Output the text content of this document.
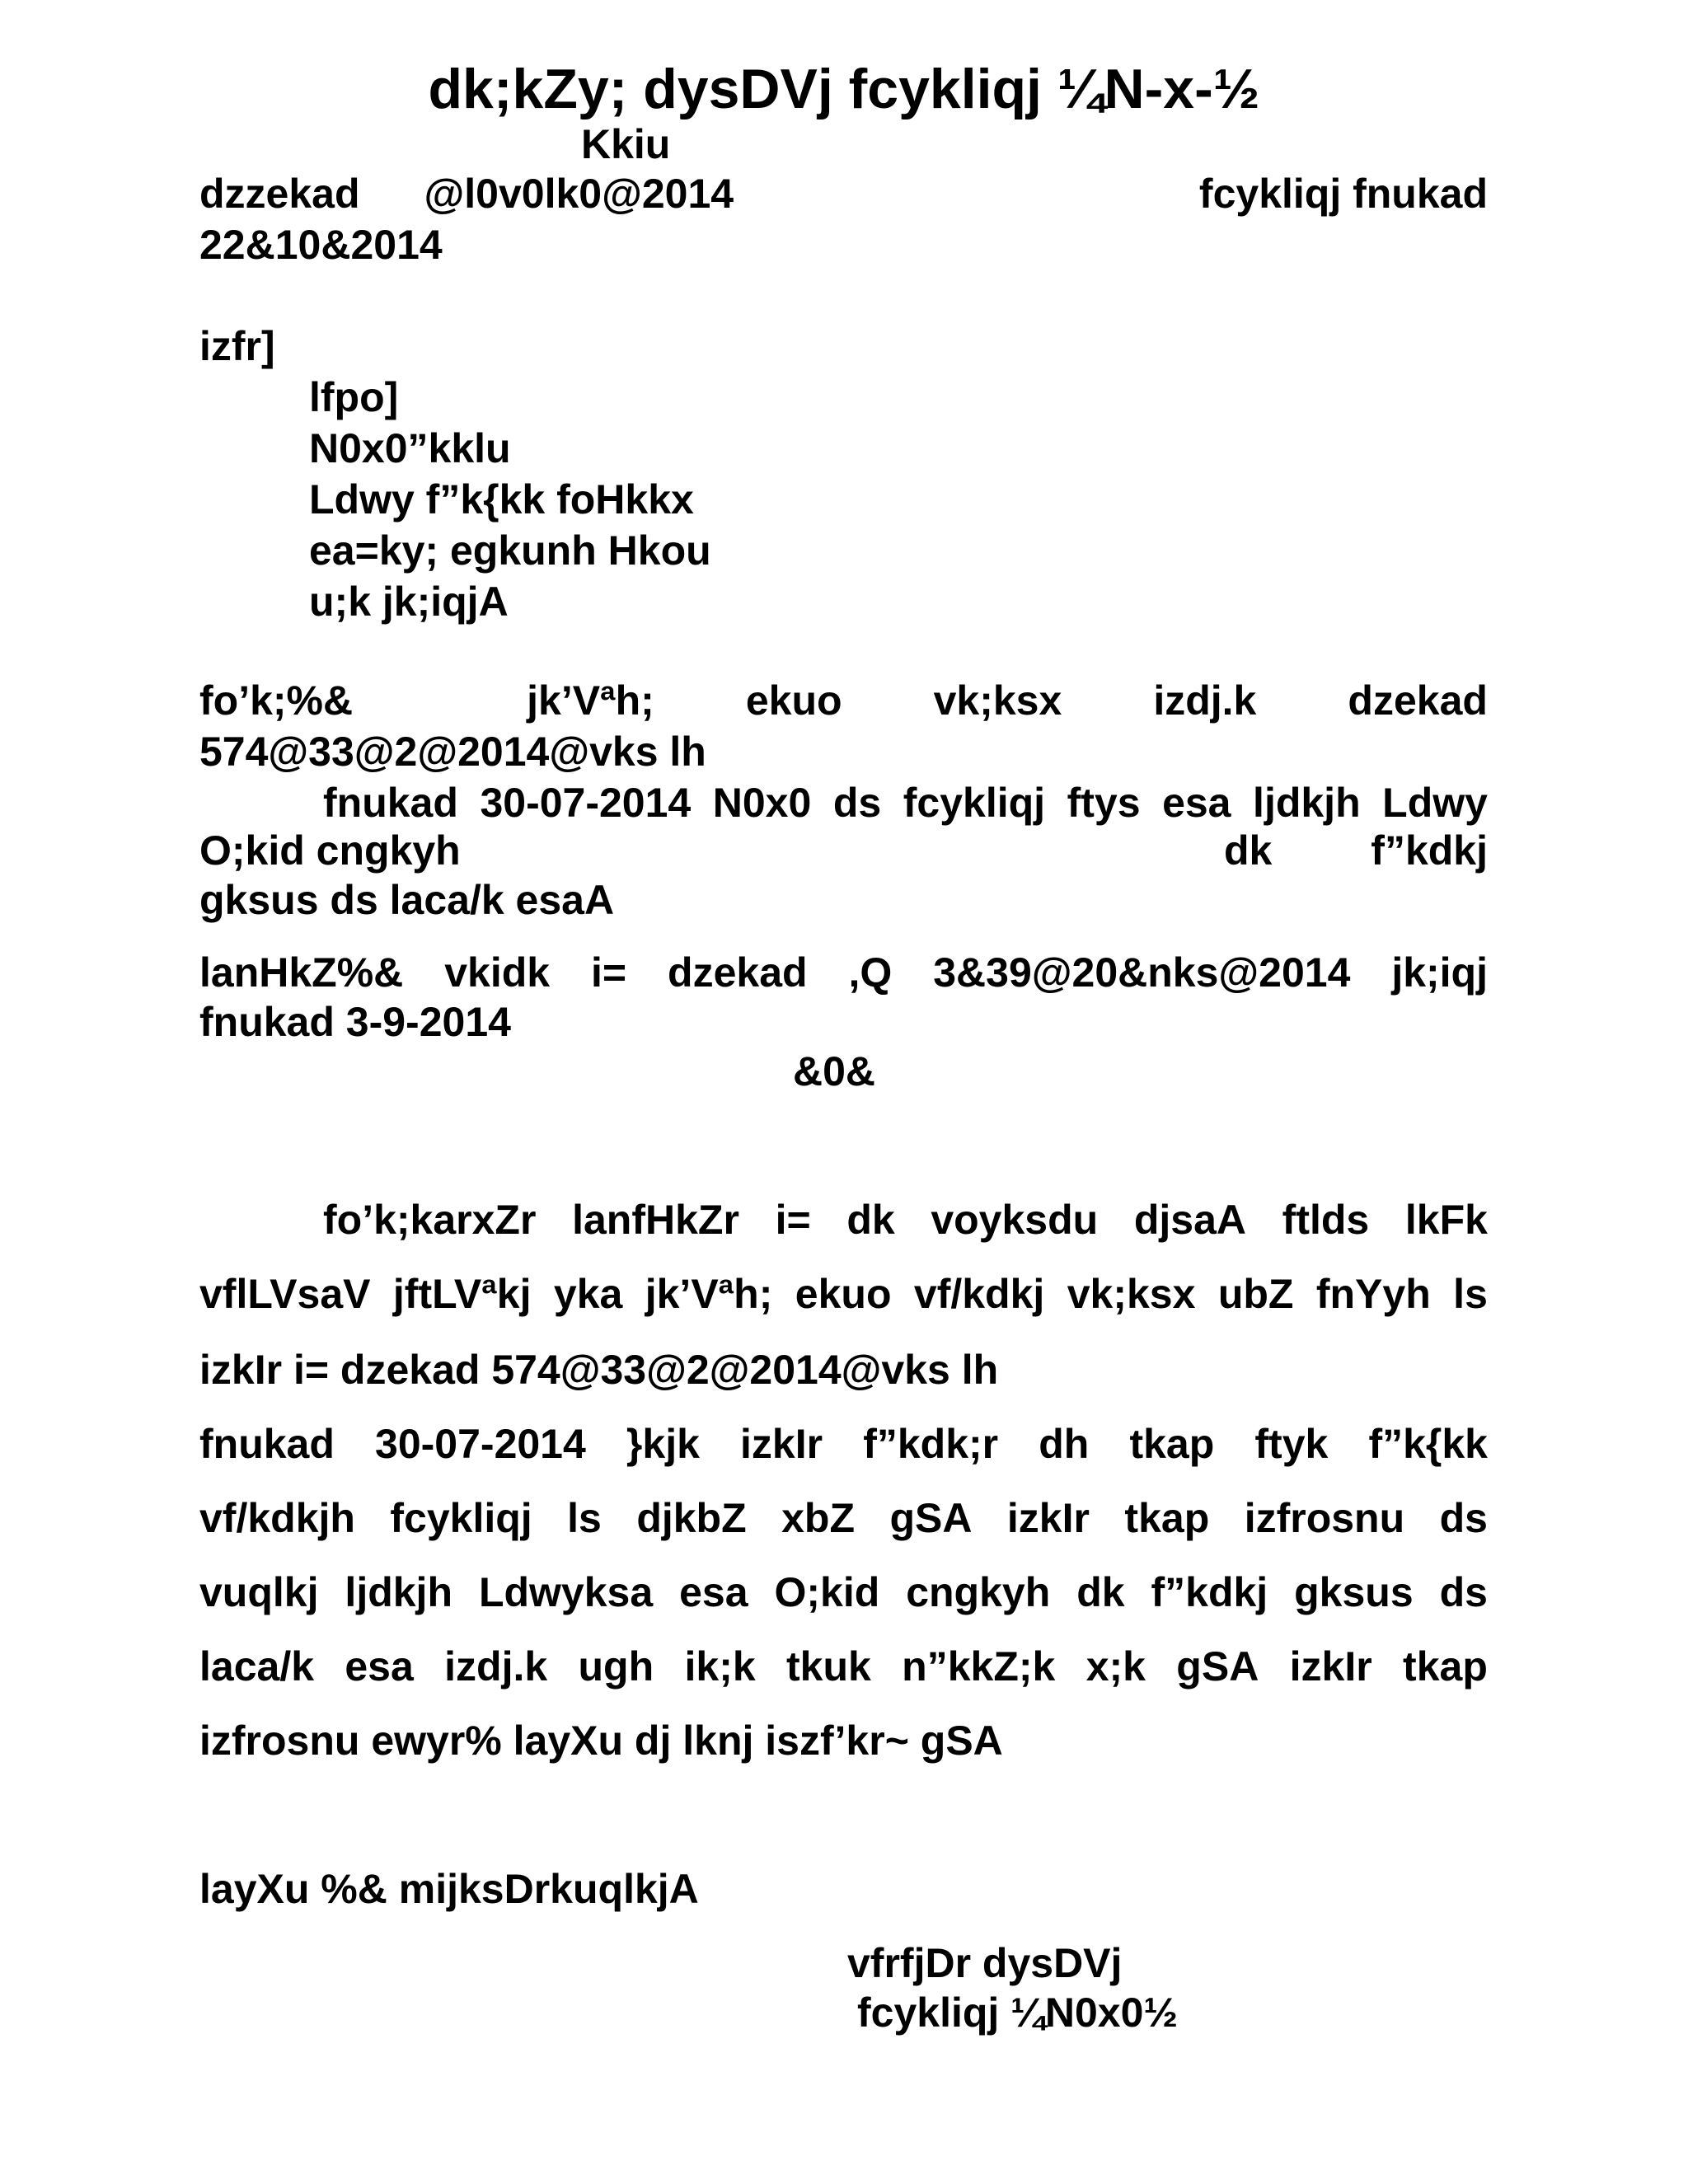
dk;kZy; dysDVj fcykliqj ¼N-x-½
Kkiu
dzzekad @l0v0lk0@2014	fcykliqj fnukad
22&10&2014
izfr]
lfpo]
N0x0”kklu
Ldwy f”k{kk foHkkx
ea=ky; egkunh Hkou
u;k jk;iqjA
fo’k;%&	jk’Vªh; ekuo vk;ksx izdj.k dzekad
574@33@2@2014@vks lh
fnukad 30-07-2014 N0x0 ds fcykliqj ftys esa ljdkjh Ldwy
O;kid cngkyh	dk f”kdkj
gksus ds laca/k esaA
lanHkZ%& vkidk i= dzekad ,Q 3&39@20&nks@2014 jk;iqj
fnukad 3-9-2014
&0&
fo’k;karxZr lanfHkZr i= dk voyksdu djsaA ftlds lkFk
vflLVsaV jftLVªkj yka jk’Vªh; ekuo vf/kdkj vk;ksx ubZ fnYyh ls
izkIr i= dzekad 574@33@2@2014@vks lh
fnukad 30-07-2014 }kjk izkIr f”kdk;r dh tkap ftyk f”k{kk
vf/kdkjh fcykliqj ls djkbZ xbZ gSA izkIr tkap izfrosnu ds
vuqlkj ljdkjh Ldwyksa esa O;kid cngkyh dk f”kdkj gksus ds
laca/k esa izdj.k ugh ik;k tkuk n”kkZ;k x;k gSA izkIr tkap
izfrosnu ewyr% layXu dj lknj iszf’kr~ gSA
layXu %& mijksDrkuqlkjA
vfrfjDr dysDVj
fcykliqj ¼N0x0½
